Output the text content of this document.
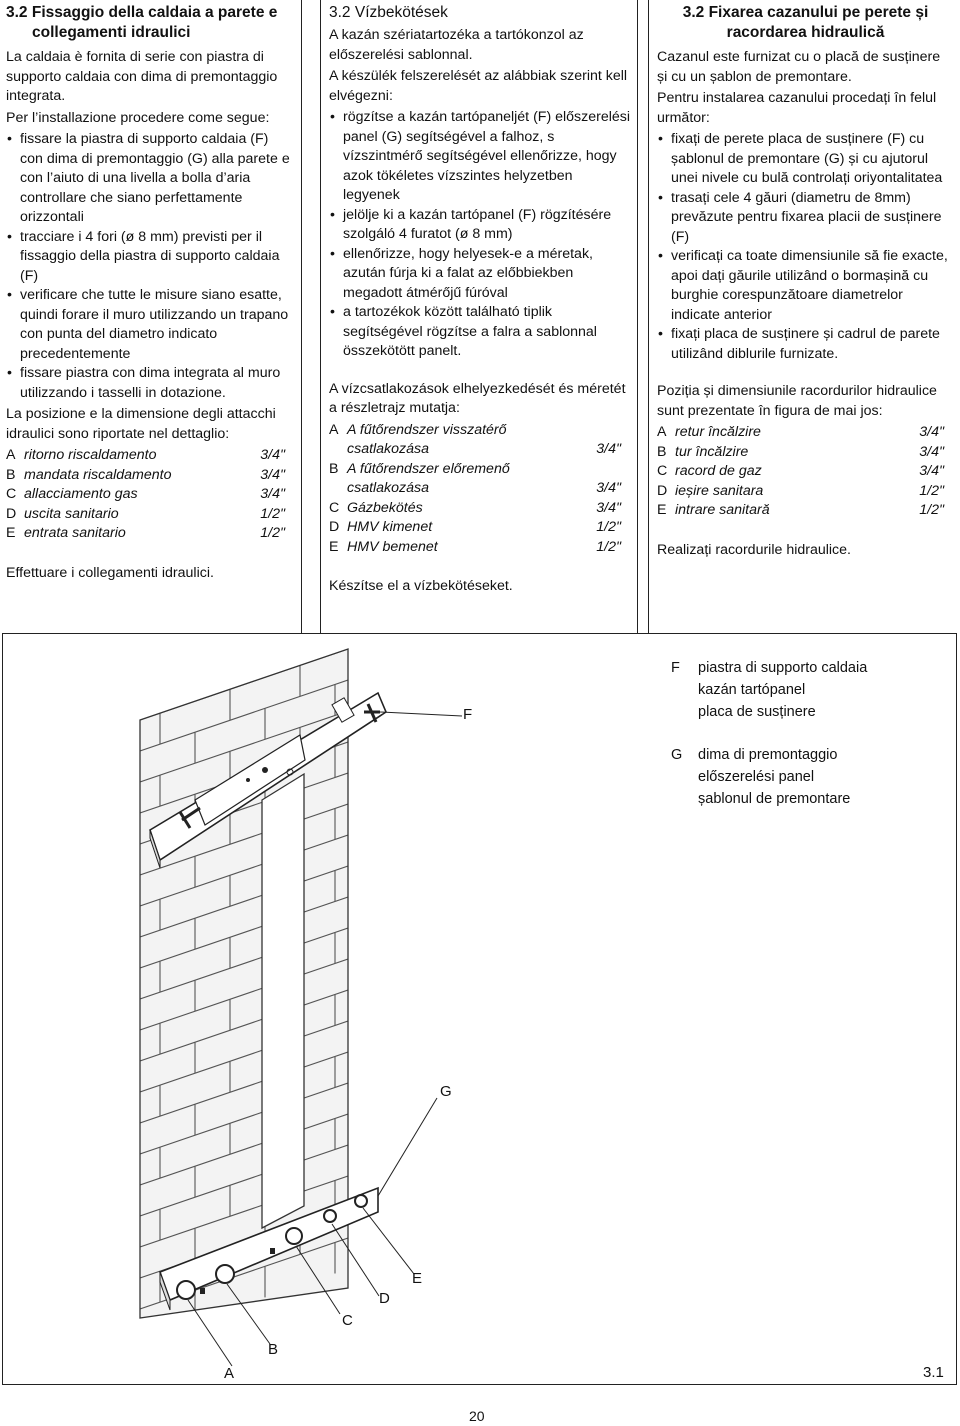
3.2 Fissaggio della caldaia a parete e
collegamenti idraulici

La caldaia è fornita di serie con piastra di supporto caldaia con dima di premontaggio integrata.

Per l’installazione procedere come segue:

• fissare la piastra di supporto caldaia (F) con dima di premontaggio (G) alla parete e con l’aiuto di una livella a bolla d’aria controllare che siano perfettamente orizzontali
• tracciare i 4 fori (ø 8 mm) previsti per il fissaggio della piastra di supporto caldaia (F)
• verificare che tutte le misure siano esatte, quindi forare il muro utilizzando un trapano con punta del diametro indicato precedentemente
• fissare piastra con dima integrata al muro utilizzando i tasselli in dotazione.

La posizione e la dimensione degli attacchi idraulici sono riportate nel dettaglio:

A ritorno riscaldamento	3/4"
B mandata riscaldamento	3/4"
C allacciamento gas	3/4"
D uscita sanitario	1/2"
E entrata sanitario	1/2"

Effettuare i collegamenti idraulici.

3.2 Vízbekötések

A kazán szériatartozéka a tartókonzol az előszerelési sablonnal.

A készülék felszerelését az alábbiak szerint kell elvégezni:

• rögzítse a kazán tartópaneljét (F) előszerelési panel (G) segítségével a falhoz, s vízszintmérő segítségével ellenőrizze, hogy azok tökéletes vízszintes helyzetben legyenek
• jelölje ki a kazán tartópanel (F) rögzítésére szolgáló 4 furatot (ø 8 mm)
• ellenőrizze, hogy helyesek-e a méretak, azután fúrja ki a falat az előbbiekben megadott átmérőjű fúróval
• a tartozékok között található tiplik segítségével rögzítse a falra a sablonnal összekötött panelt.

A vízcsatlakozások elhelyezkedését és méretét a részletrajz mutatja:

A A fűtőrendszer visszatérő
csatlakozása	3/4"
B A fűtőrendszer előremenő
csatlakozása	3/4"
C Gázbekötés	3/4"
D HMV kimenet	1/2"
E HMV bemenet	1/2"

Készítse el a vízbekötéseket.

3.2 Fixarea cazanului pe perete și
racordarea hidraulică

Cazanul este furnizat cu o placă de susținere și cu un șablon de premontare.

Pentru instalarea cazanului procedați în felul următor:

• fixați de perete placa de susținere (F) cu șablonul de premontare (G) și cu ajutorul unei nivele cu bulă controlați oriyontalitatea
• trasați cele 4 găuri (diametru de 8mm) prevăzute pentru fixarea placii de susținere (F)
• verificați ca toate dimensiunile să fie exacte, apoi dați găurile utilizând o bormașină cu burghie corespunzătoare diametrelor indicate anterior
• fixați placa de susținere și cadrul de parete utilizând diblurile furnizate.

Poziția și dimensiunile racordurilor hidraulice sunt prezentate în figura de mai jos:

A retur încălzire	3/4"
B tur încălzire	3/4"
C racord de gaz	3/4"
D ieșire sanitara	1/2"
E intrare sanitară	1/2"

Realizați racordurile hidraulice.

F
G
A
B
C
D
E
3.1
F	piastra di supporto caldaia
kazán tartópanel
placa de susținere
G	dima di premontaggio
előszerelési panel
șablonul de premontare
20
